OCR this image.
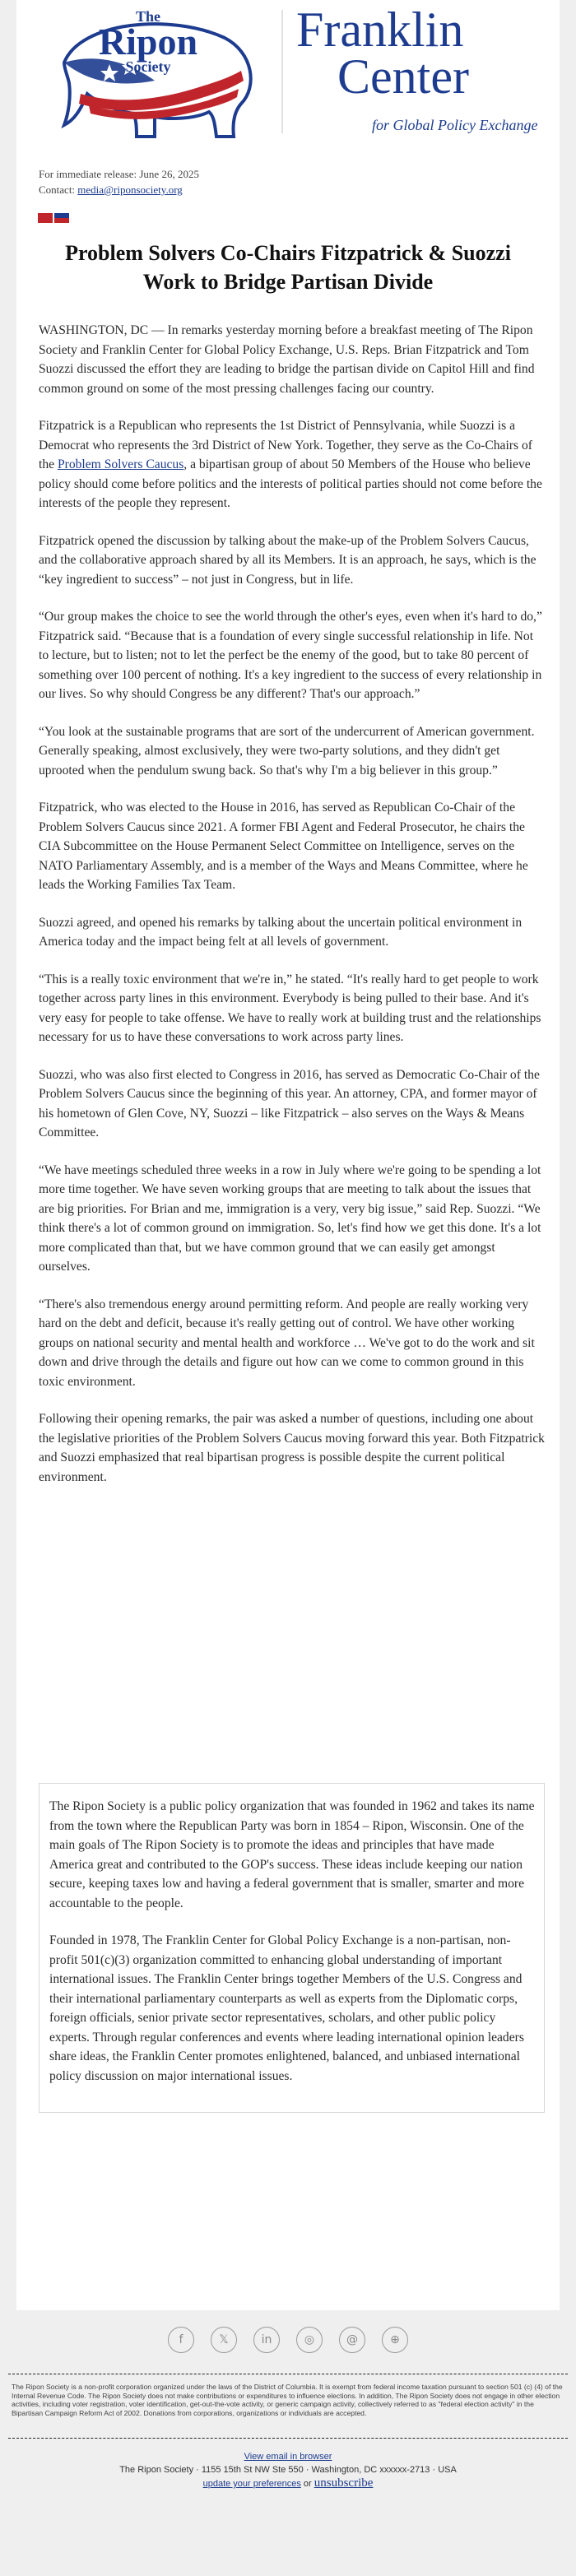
The
Ripon
Society
Franklin
Center
for Global Policy Exchange
For immediate release: June 26, 2025
Contact: media@riponsociety.org
Problem Solvers Co-Chairs Fitzpatrick & Suozzi Work to Bridge Partisan Divide

WASHINGTON, DC — In remarks yesterday morning before a breakfast meeting of The Ripon Society and Franklin Center for Global Policy Exchange, U.S. Reps. Brian Fitzpatrick and Tom Suozzi discussed the effort they are leading to bridge the partisan divide on Capitol Hill and find common ground on some of the most pressing challenges facing our country.

Fitzpatrick is a Republican who represents the 1st District of Pennsylvania, while Suozzi is a Democrat who represents the 3rd District of New York. Together, they serve as the Co-Chairs of the Problem Solvers Caucus, a bipartisan group of about 50 Members of the House who believe policy should come before politics and the interests of political parties should not come before the interests of the people they represent.

Fitzpatrick opened the discussion by talking about the make-up of the Problem Solvers Caucus, and the collaborative approach shared by all its Members. It is an approach, he says, which is the “key ingredient to success” – not just in Congress, but in life.

“Our group makes the choice to see the world through the other's eyes, even when it's hard to do,” Fitzpatrick said. “Because that is a foundation of every single successful relationship in life. Not to lecture, but to listen; not to let the perfect be the enemy of the good, but to take 80 percent of something over 100 percent of nothing. It's a key ingredient to the success of every relationship in our lives. So why should Congress be any different? That's our approach.”

“You look at the sustainable programs that are sort of the undercurrent of American government. Generally speaking, almost exclusively, they were two-party solutions, and they didn't get uprooted when the pendulum swung back. So that's why I'm a big believer in this group.”

Fitzpatrick, who was elected to the House in 2016, has served as Republican Co-Chair of the Problem Solvers Caucus since 2021. A former FBI Agent and Federal Prosecutor, he chairs the CIA Subcommittee on the House Permanent Select Committee on Intelligence, serves on the NATO Parliamentary Assembly, and is a member of the Ways and Means Committee, where he leads the Working Families Tax Team.

Suozzi agreed, and opened his remarks by talking about the uncertain political environment in America today and the impact being felt at all levels of government.

“This is a really toxic environment that we're in,” he stated. “It's really hard to get people to work together across party lines in this environment. Everybody is being pulled to their base. And it's very easy for people to take offense. We have to really work at building trust and the relationships necessary for us to have these conversations to work across party lines.

Suozzi, who was also first elected to Congress in 2016, has served as Democratic Co-Chair of the Problem Solvers Caucus since the beginning of this year. An attorney, CPA, and former mayor of his hometown of Glen Cove, NY, Suozzi – like Fitzpatrick – also serves on the Ways & Means Committee.

“We have meetings scheduled three weeks in a row in July where we're going to be spending a lot more time together. We have seven working groups that are meeting to talk about the issues that are big priorities. For Brian and me, immigration is a very, very big issue,” said Rep. Suozzi. “We think there's a lot of common ground on immigration. So, let's find how we get this done. It's a lot more complicated than that, but we have common ground that we can easily get amongst ourselves.

“There's also tremendous energy around permitting reform. And people are really working very hard on the debt and deficit, because it's really getting out of control. We have other working groups on national security and mental health and workforce … We've got to do the work and sit down and drive through the details and figure out how can we come to common ground in this toxic environment.

Following their opening remarks, the pair was asked a number of questions, including one about the legislative priorities of the Problem Solvers Caucus moving forward this year. Both Fitzpatrick and Suozzi emphasized that real bipartisan progress is possible despite the current political environment.

The Ripon Society is a public policy organization that was founded in 1962 and takes its name from the town where the Republican Party was born in 1854 – Ripon, Wisconsin. One of the main goals of The Ripon Society is to promote the ideas and principles that have made America great and contributed to the GOP's success. These ideas include keeping our nation secure, keeping taxes low and having a federal government that is smaller, smarter and more accountable to the people.

Founded in 1978, The Franklin Center for Global Policy Exchange is a non-partisan, non-profit 501(c)(3) organization committed to enhancing global understanding of important international issues. The Franklin Center brings together Members of the U.S. Congress and their international parliamentary counterparts as well as experts from the Diplomatic corps, foreign officials, senior private sector representatives, scholars, and other public policy experts. Through regular conferences and events where leading international opinion leaders share ideas, the Franklin Center promotes enlightened, balanced, and unbiased international policy discussion on major international issues.

f	𝕏	in	◎	@	⊕
The Ripon Society is a non-profit corporation organized under the laws of the District of Columbia. It is exempt from federal income taxation pursuant to section 501 (c) (4) of the Internal Revenue Code. The Ripon Society does not make contributions or expenditures to influence elections. In addition, The Ripon Society does not engage in other election activities, including voter registration, voter identification, get-out-the-vote activity, or generic campaign activity, collectively referred to as "federal election activity" in the Bipartisan Campaign Reform Act of 2002. Donations from corporations, organizations or individuals are accepted.
View email in browser
The Ripon Society · 1155 15th St NW Ste 550 · Washington, DC xxxxxx-2713 · USA
update your preferences or unsubscribe
